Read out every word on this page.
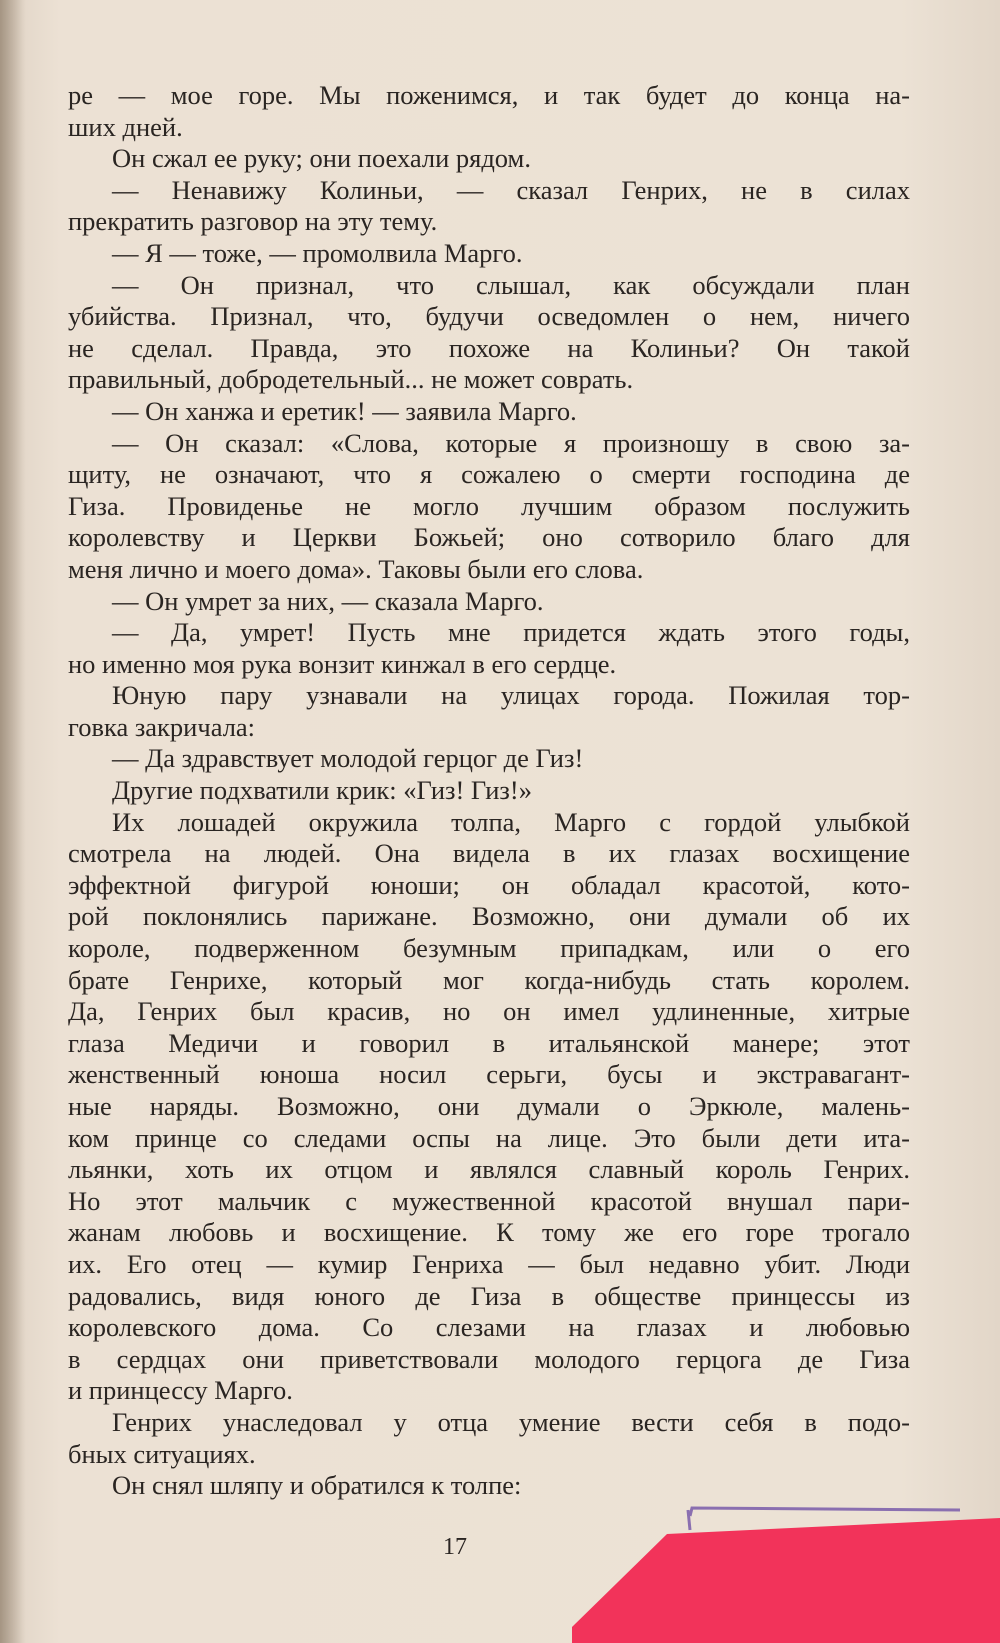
ре — мое горе. Мы поженимся, и так будет до конца на-
ших дней.
Он сжал ее руку; они поехали рядом.
— Ненавижу Колиньи, — сказал Генрих, не в силах
прекратить разговор на эту тему.
— Я — тоже, — промолвила Марго.
— Он признал, что слышал, как обсуждали план
убийства. Признал, что, будучи осведомлен о нем, ничего
не сделал. Правда, это похоже на Колиньи? Он такой
правильный, добродетельный... не может соврать.
— Он ханжа и еретик! — заявила Марго.
— Он сказал: «Слова, которые я произношу в свою за-
щиту, не означают, что я сожалею о смерти господина де
Гиза. Провиденье не могло лучшим образом послужить
королевству и Церкви Божьей; оно сотворило благо для
меня лично и моего дома». Таковы были его слова.
— Он умрет за них, — сказала Марго.
— Да, умрет! Пусть мне придется ждать этого годы,
но именно моя рука вонзит кинжал в его сердце.
Юную пару узнавали на улицах города. Пожилая тор-
говка закричала:
— Да здравствует молодой герцог де Гиз!
Другие подхватили крик: «Гиз! Гиз!»
Их лошадей окружила толпа, Марго с гордой улыбкой
смотрела на людей. Она видела в их глазах восхищение
эффектной фигурой юноши; он обладал красотой, кото-
рой поклонялись парижане. Возможно, они думали об их
короле, подверженном безумным припадкам, или о его
брате Генрихе, который мог когда-нибудь стать королем.
Да, Генрих был красив, но он имел удлиненные, хитрые
глаза Медичи и говорил в итальянской манере; этот
женственный юноша носил серьги, бусы и экстравагант-
ные наряды. Возможно, они думали о Эркюле, малень-
ком принце со следами оспы на лице. Это были дети ита-
льянки, хоть их отцом и являлся славный король Генрих.
Но этот мальчик с мужественной красотой внушал пари-
жанам любовь и восхищение. К тому же его горе трогало
их. Его отец — кумир Генриха — был недавно убит. Люди
радовались, видя юного де Гиза в обществе принцессы из
королевского дома. Со слезами на глазах и любовью
в сердцах они приветствовали молодого герцога де Гиза
и принцессу Марго.
Генрих унаследовал у отца умение вести себя в подо-
бных ситуациях.
Он снял шляпу и обратился к толпе:
17
